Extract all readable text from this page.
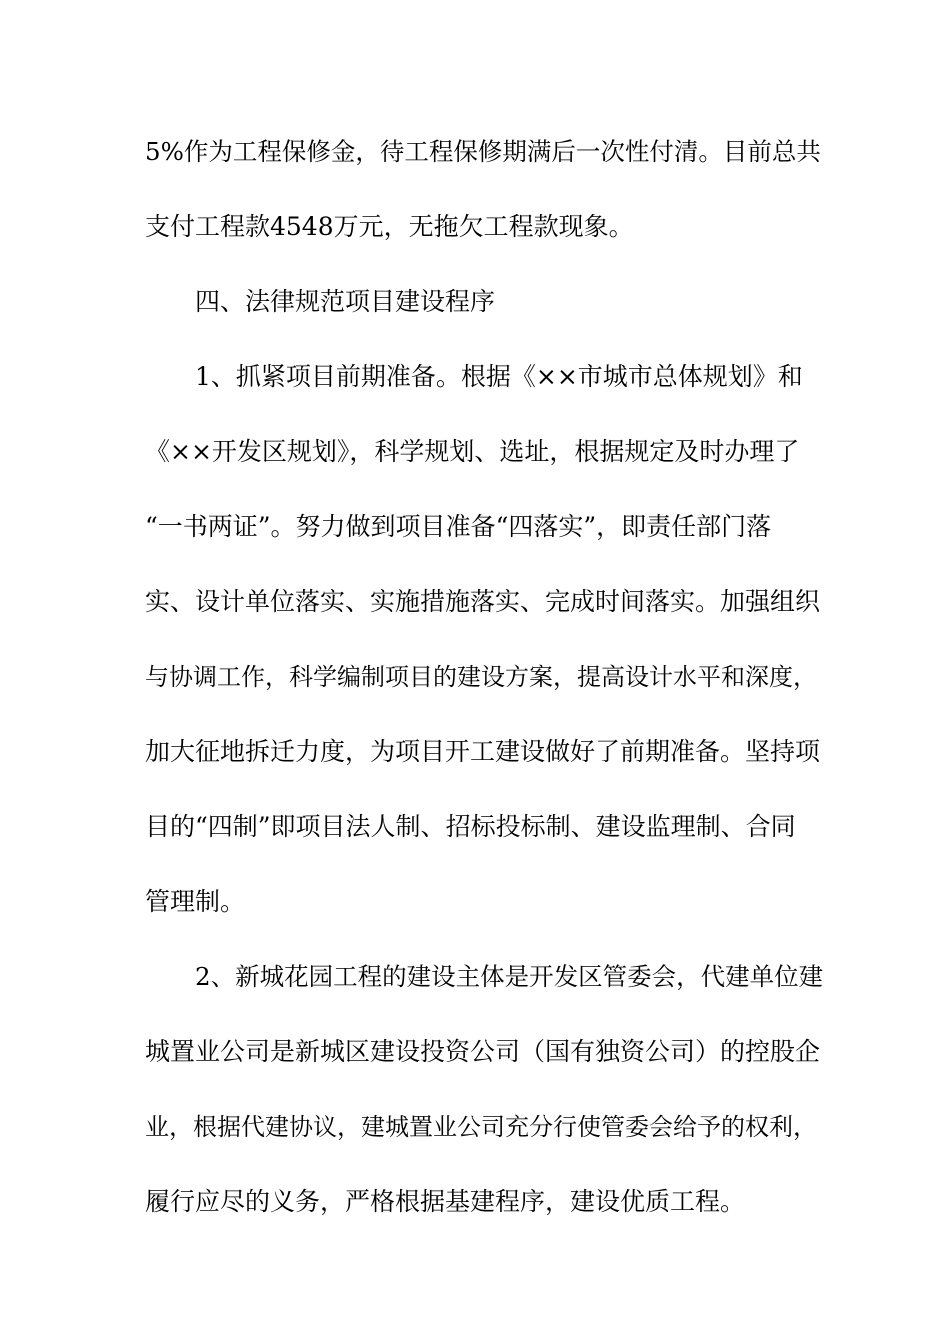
5%作为工程保修金，待工程保修期满后一次性付清。目前总共
支付工程款4548万元，无拖欠工程款现象。
四、法律规范项目建设程序
1、抓紧项目前期准备。根据《××市城市总体规划》和
《××开发区规划》，科学规划、选址，根据规定及时办理了
“一书两证”。努力做到项目准备“四落实”，即责任部门落
实、设计单位落实、实施措施落实、完成时间落实。加强组织
与协调工作，科学编制项目的建设方案，提高设计水平和深度，
加大征地拆迁力度，为项目开工建设做好了前期准备。坚持项
目的“四制”即项目法人制、招标投标制、建设监理制、合同
管理制。
2、新城花园工程的建设主体是开发区管委会，代建单位建
城置业公司是新城区建设投资公司（国有独资公司）的控股企
业，根据代建协议，建城置业公司充分行使管委会给予的权利，
履行应尽的义务，严格根据基建程序，建设优质工程。
